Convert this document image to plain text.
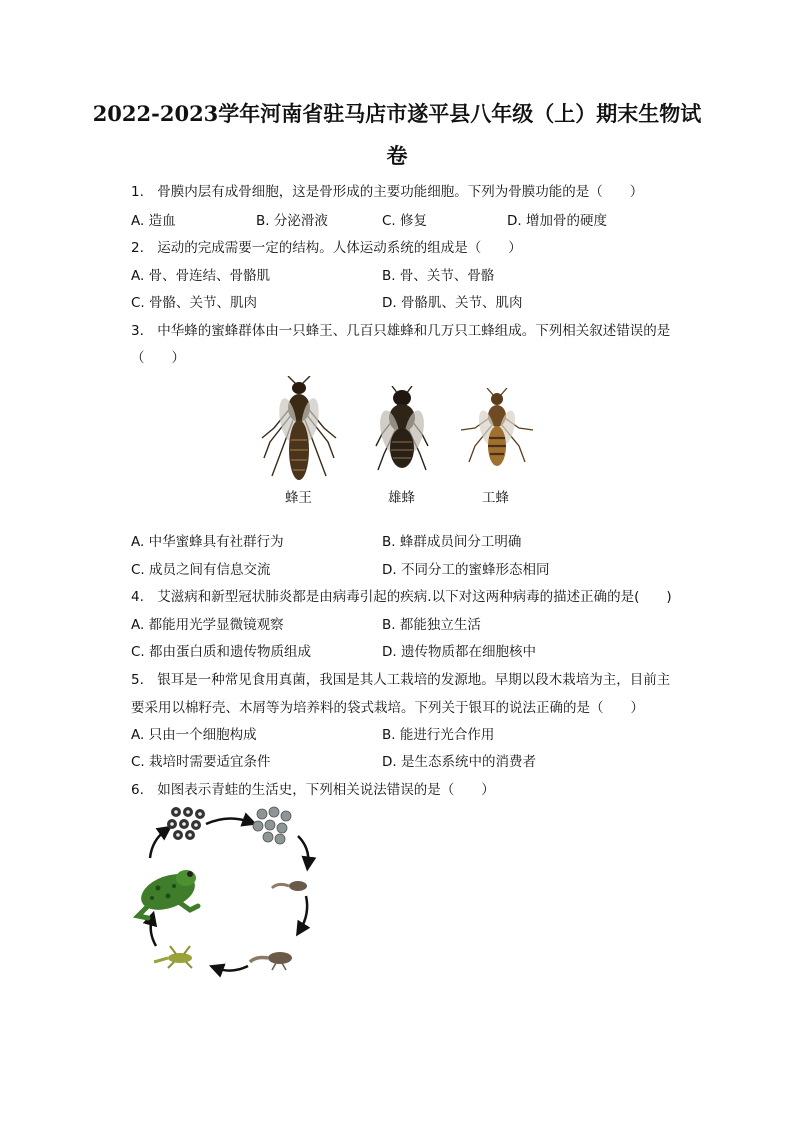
2022-2023学年河南省驻马店市遂平县八年级（上）期末生物试
卷
1. 骨膜内层有成骨细胞，这是骨形成的主要功能细胞。下列为骨膜功能的是（　　）
A. 造血	B. 分泌滑液	C. 修复	D. 增加骨的硬度
2. 运动的完成需要一定的结构。人体运动系统的组成是（　　）
A. 骨、骨连结、骨骼肌	B. 骨、关节、骨骼
C. 骨骼、关节、肌肉	D. 骨骼肌、关节、肌肉
3. 中华蜂的蜜蜂群体由一只蜂王、几百只雄蜂和几万只工蜂组成。下列相关叙述错误的是
（　　）
蜂王	雄蜂	工蜂
A. 中华蜜蜂具有社群行为	B. 蜂群成员间分工明确
C. 成员之间有信息交流	D. 不同分工的蜜蜂形态相同
4. 艾滋病和新型冠状肺炎都是由病毒引起的疾病.以下对这两种病毒的描述正确的是(　　)
A. 都能用光学显微镜观察	B. 都能独立生活
C. 都由蛋白质和遗传物质组成	D. 遗传物质都在细胞核中
5. 银耳是一种常见食用真菌，我国是其人工栽培的发源地。早期以段木栽培为主，目前主
要采用以棉籽壳、木屑等为培养料的袋式栽培。下列关于银耳的说法正确的是（　　）
A. 只由一个细胞构成	B. 能进行光合作用
C. 栽培时需要适宜条件	D. 是生态系统中的消费者
6. 如图表示青蛙的生活史，下列相关说法错误的是（　　）
